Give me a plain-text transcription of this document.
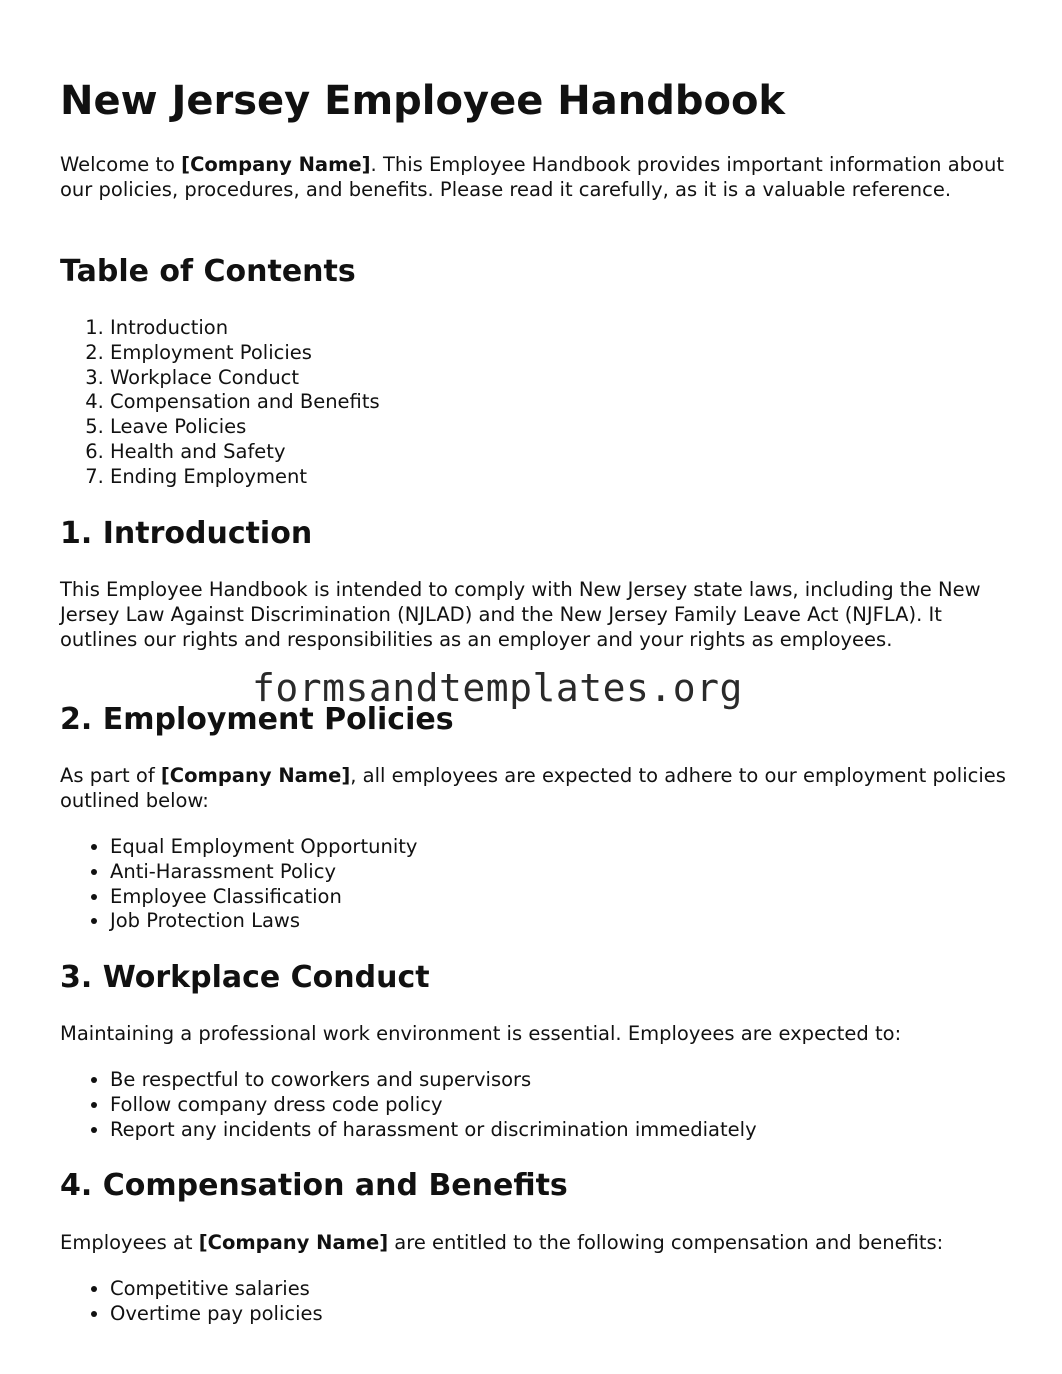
New Jersey Employee Handbook

Welcome to [Company Name]. This Employee Handbook provides important information about our policies, procedures, and benefits. Please read it carefully, as it is a valuable reference.

Table of Contents
1. Introduction
2. Employment Policies
3. Workplace Conduct
4. Compensation and Benefits
5. Leave Policies
6. Health and Safety
7. Ending Employment
1. Introduction

This Employee Handbook is intended to comply with New Jersey state laws, including the New Jersey Law Against Discrimination (NJLAD) and the New Jersey Family Leave Act (NJFLA). It outlines our rights and responsibilities as an employer and your rights as employees.

2. Employment Policies

As part of [Company Name], all employees are expected to adhere to our employment policies outlined below:

• Equal Employment Opportunity
• Anti-Harassment Policy
• Employee Classification
• Job Protection Laws
3. Workplace Conduct

Maintaining a professional work environment is essential. Employees are expected to:

• Be respectful to coworkers and supervisors
• Follow company dress code policy
• Report any incidents of harassment or discrimination immediately
4. Compensation and Benefits

Employees at [Company Name] are entitled to the following compensation and benefits:

• Competitive salaries
• Overtime pay policies
formsandtemplates.org
